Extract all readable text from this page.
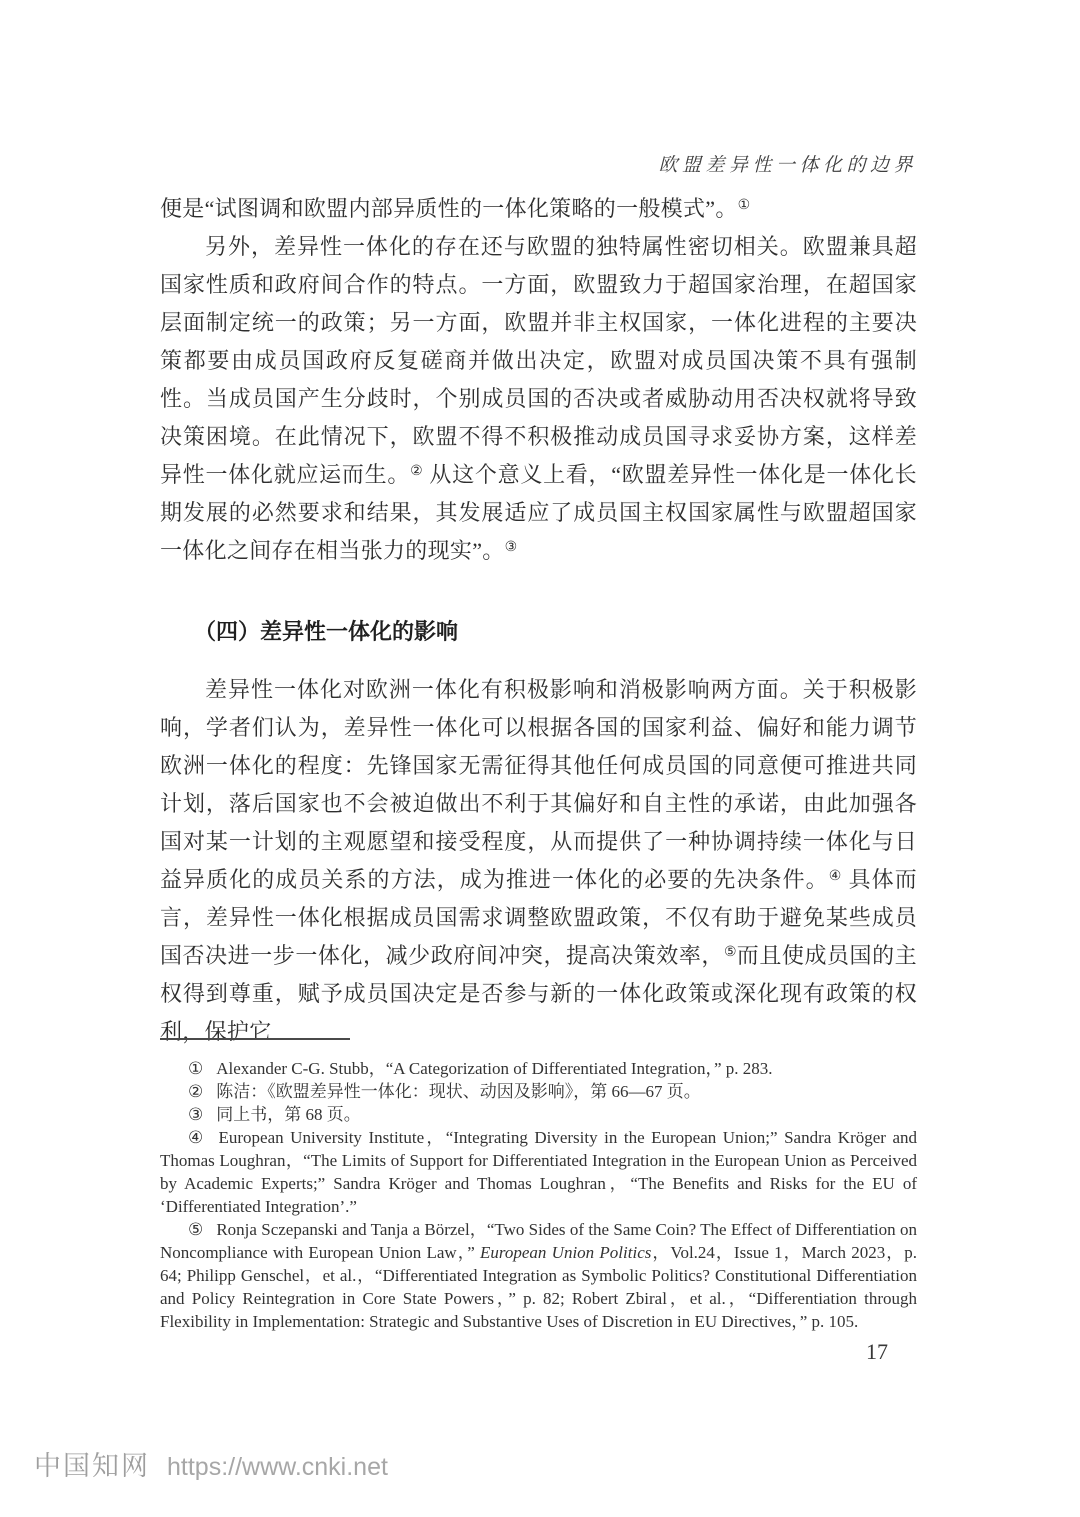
欧盟差异性一体化的边界

便是“试图调和欧盟内部异质性的一体化策略的一般模式”。①

另外，差异性一体化的存在还与欧盟的独特属性密切相关。欧盟兼具超国家性质和政府间合作的特点。一方面，欧盟致力于超国家治理，在超国家层面制定统一的政策；另一方面，欧盟并非主权国家，一体化进程的主要决策都要由成员国政府反复磋商并做出决定，欧盟对成员国决策不具有强制性。当成员国产生分歧时，个别成员国的否决或者威胁动用否决权就将导致决策困境。在此情况下，欧盟不得不积极推动成员国寻求妥协方案，这样差异性一体化就应运而生。② 从这个意义上看，“欧盟差异性一体化是一体化长期发展的必然要求和结果，其发展适应了成员国主权国家属性与欧盟超国家一体化之间存在相当张力的现实”。③

（四）差异性一体化的影响

差异性一体化对欧洲一体化有积极影响和消极影响两方面。关于积极影响，学者们认为，差异性一体化可以根据各国的国家利益、偏好和能力调节欧洲一体化的程度：先锋国家无需征得其他任何成员国的同意便可推进共同计划，落后国家也不会被迫做出不利于其偏好和自主性的承诺，由此加强各国对某一计划的主观愿望和接受程度，从而提供了一种协调持续一体化与日益异质化的成员关系的方法，成为推进一体化的必要的先决条件。④ 具体而言，差异性一体化根据成员国需求调整欧盟政策，不仅有助于避免某些成员国否决进一步一体化，减少政府间冲突，提高决策效率，⑤而且使成员国的主权得到尊重，赋予成员国决定是否参与新的一体化政策或深化现有政策的权利，保护它

① Alexander C-G. Stubb，“A Categorization of Differentiated Integration，” p. 283.

② 陈洁：《欧盟差异性一体化：现状、动因及影响》，第 66—67 页。

③ 同上书，第 68 页。

④ European University Institute，“Integrating Diversity in the European Union;” Sandra Kröger and Thomas Loughran，“The Limits of Support for Differentiated Integration in the European Union as Perceived by Academic Experts;” Sandra Kröger and Thomas Loughran，“The Benefits and Risks for the EU of ‘Differentiated Integration’.”

⑤ Ronja Sczepanski and Tanja a Börzel，“Two Sides of the Same Coin? The Effect of Differentiation on Noncompliance with European Union Law，” European Union Politics，Vol.24，Issue 1，March 2023，p. 64; Philipp Genschel，et al.，“Differentiated Integration as Symbolic Politics? Constitutional Differentiation and Policy Reintegration in Core State Powers，” p. 82; Robert Zbiral，et al.，“Differentiation through Flexibility in Implementation: Strategic and Substantive Uses of Discretion in EU Directives，” p. 105.

17
中国知网 https://www.cnki.net
